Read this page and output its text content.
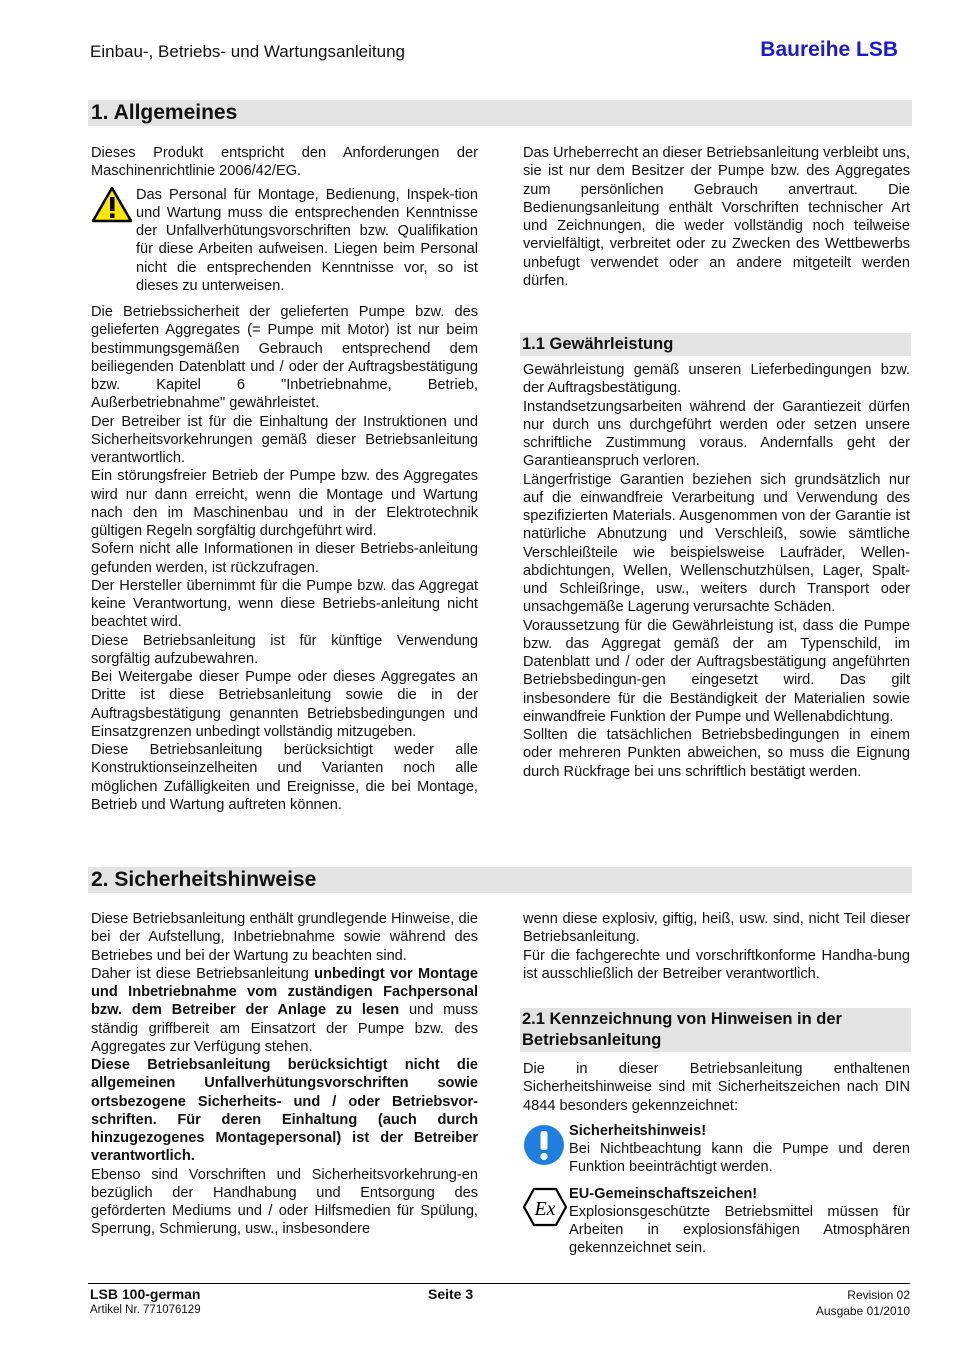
Einbau-, Betriebs- und Wartungsanleitung	Baureihe LSB
1. Allgemeines

Dieses Produkt entspricht den Anforderungen der Maschinenrichtlinie 2006/42/EG.

Das Personal für Montage, Bedienung, Inspek-tion und Wartung muss die entsprechenden Kenntnisse der Unfallverhütungsvorschriften bzw. Qualifikation für diese Arbeiten aufweisen. Liegen beim Personal nicht die entsprechenden Kenntnisse vor, so ist dieses zu unterweisen.

Die Betriebssicherheit der gelieferten Pumpe bzw. des gelieferten Aggregates (= Pumpe mit Motor) ist nur beim bestimmungsgemäßen Gebrauch entsprechend dem beiliegenden Datenblatt und / oder der Auftragsbestätigung bzw. Kapitel 6 "Inbetriebnahme, Betrieb, Außerbetriebnahme" gewährleistet.

Der Betreiber ist für die Einhaltung der Instruktionen und Sicherheitsvorkehrungen gemäß dieser Betriebsanleitung verantwortlich.

Ein störungsfreier Betrieb der Pumpe bzw. des Aggregates wird nur dann erreicht, wenn die Montage und Wartung nach den im Maschinenbau und in der Elektrotechnik gültigen Regeln sorgfältig durchgeführt wird.

Sofern nicht alle Informationen in dieser Betriebs-anleitung gefunden werden, ist rückzufragen.

Der Hersteller übernimmt für die Pumpe bzw. das Aggregat keine Verantwortung, wenn diese Betriebs-anleitung nicht beachtet wird.

Diese Betriebsanleitung ist für künftige Verwendung sorgfältig aufzubewahren.

Bei Weitergabe dieser Pumpe oder dieses Aggregates an Dritte ist diese Betriebsanleitung sowie die in der Auftragsbestätigung genannten Betriebsbedingungen und Einsatzgrenzen unbedingt vollständig mitzugeben.

Diese Betriebsanleitung berücksichtigt weder alle Konstruktionseinzelheiten und Varianten noch alle möglichen Zufälligkeiten und Ereignisse, die bei Montage, Betrieb und Wartung auftreten können.

Das Urheberrecht an dieser Betriebsanleitung verbleibt uns, sie ist nur dem Besitzer der Pumpe bzw. des Aggregates zum persönlichen Gebrauch anvertraut. Die Bedienungsanleitung enthält Vorschriften technischer Art und Zeichnungen, die weder vollständig noch teilweise vervielfältigt, verbreitet oder zu Zwecken des Wettbewerbs unbefugt verwendet oder an andere mitgeteilt werden dürfen.

1.1 Gewährleistung

Gewährleistung gemäß unseren Lieferbedingungen bzw. der Auftragsbestätigung.

Instandsetzungsarbeiten während der Garantiezeit dürfen nur durch uns durchgeführt werden oder setzen unsere schriftliche Zustimmung voraus. Andernfalls geht der Garantieanspruch verloren.

Längerfristige Garantien beziehen sich grundsätzlich nur auf die einwandfreie Verarbeitung und Verwendung des spezifizierten Materials. Ausgenommen von der Garantie ist natürliche Abnutzung und Verschleiß, sowie sämtliche Verschleißteile wie beispielsweise Laufräder, Wellen-abdichtungen, Wellen, Wellenschutzhülsen, Lager, Spalt- und Schleißringe, usw., weiters durch Transport oder unsachgemäße Lagerung verursachte Schäden.

Voraussetzung für die Gewährleistung ist, dass die Pumpe bzw. das Aggregat gemäß der am Typenschild, im Datenblatt und / oder der Auftragsbestätigung angeführten Betriebsbedingun-gen eingesetzt wird. Das gilt insbesondere für die Beständigkeit der Materialien sowie einwandfreie Funktion der Pumpe und Wellenabdichtung.

Sollten die tatsächlichen Betriebsbedingungen in einem oder mehreren Punkten abweichen, so muss die Eignung durch Rückfrage bei uns schriftlich bestätigt werden.

2. Sicherheitshinweise

Diese Betriebsanleitung enthält grundlegende Hinweise, die bei der Aufstellung, Inbetriebnahme sowie während des Betriebes und bei der Wartung zu beachten sind.

Daher ist diese Betriebsanleitung unbedingt vor Montage und Inbetriebnahme vom zuständigen Fachpersonal bzw. dem Betreiber der Anlage zu lesen und muss ständig griffbereit am Einsatzort der Pumpe bzw. des Aggregates zur Verfügung stehen.

Diese Betriebsanleitung berücksichtigt nicht die allgemeinen Unfallverhütungsvorschriften sowie ortsbezogene Sicherheits- und / oder Betriebsvor-schriften. Für deren Einhaltung (auch durch hinzugezogenes Montagepersonal) ist der Betreiber verantwortlich.

Ebenso sind Vorschriften und Sicherheitsvorkehrung-en bezüglich der Handhabung und Entsorgung des geförderten Mediums und / oder Hilfsmedien für Spülung, Sperrung, Schmierung, usw., insbesondere

wenn diese explosiv, giftig, heiß, usw. sind, nicht Teil dieser Betriebsanleitung.

Für die fachgerechte und vorschriftkonforme Handha-bung ist ausschließlich der Betreiber verantwortlich.

2.1 Kennzeichnung von Hinweisen in der Betriebsanleitung

Die in dieser Betriebsanleitung enthaltenen Sicherheitshinweise sind mit Sicherheitszeichen nach DIN 4844 besonders gekennzeichnet:

Sicherheitshinweis!

Bei Nichtbeachtung kann die Pumpe und deren Funktion beeinträchtigt werden.

Ex

EU-Gemeinschaftszeichen!

Explosionsgeschützte Betriebsmittel müssen für Arbeiten in explosionsfähigen Atmosphären gekennzeichnet sein.

LSB 100-german
Artikel Nr. 771076129
Seite 3	Revision 02
Ausgabe 01/2010
